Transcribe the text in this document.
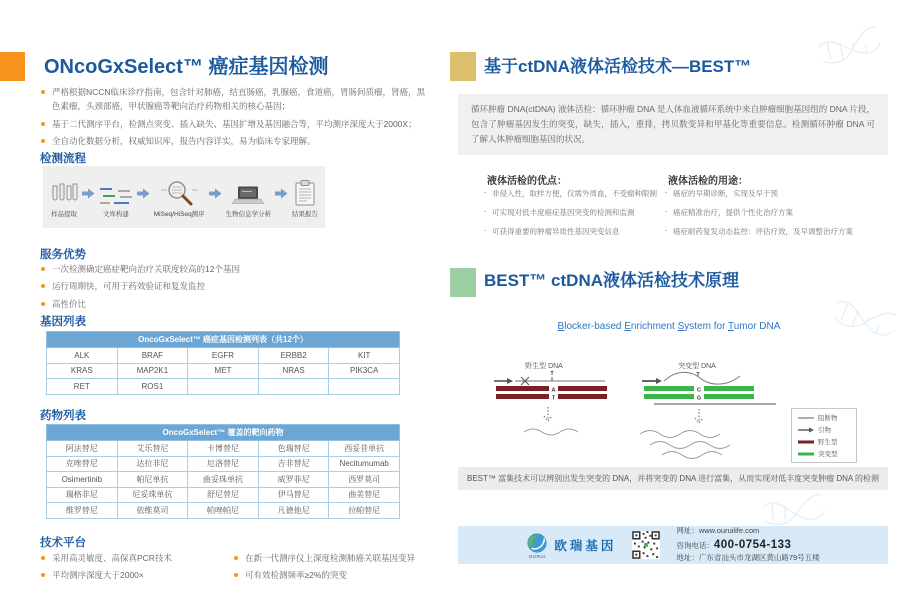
ONcoGxSelect™ 癌症基因检测
严格根据NCCN临床诊疗指南，包含针对肺癌，结直肠癌，乳腺癌，食道癌，胃肠间质瘤，肾癌，黑色素瘤，头颈部癌，甲状腺癌等靶向治疗药物相关的核心基因；
基于二代测序平台，检测点突变、插入缺失、基因扩增及基因融合等，平均测序深度大于2000X；
全自动化数据分析，权威知识库，报告内容详实，易为临床专家理解。
检测流程
样品提取	文库构建	MiSeq/HiSeq测序	生物信息学分析	结果报告
服务优势
一次检测确定癌症靶向治疗关联度较高的12个基因
运行周期快，可用于药效验证和复发监控
高性价比
基因列表
OncoGxSelect™ 癌症基因检测列表（共12个）				
ALK	BRAF	EGFR	ERBB2	KIT
KRAS	MAP2K1	MET	NRAS	PIK3CA
RET	ROS1			
药物列表
OncoGxSelect™ 覆盖的靶向药物				
阿法替尼	艾乐替尼	卡博替尼	色瑞替尼	西妥昔单抗
克唑替尼	达拉非尼	厄洛替尼	吉非替尼	Necitumumab
Osimertinib	帕尼单抗	曲妥珠单抗	威罗菲尼	西罗莫司
瑞格非尼	尼妥珠单抗	舒尼替尼	伊马替尼	曲美替尼
维罗替尼	依维莫司	帕唑帕尼	凡德他尼	拉帕替尼
技术平台
采用高灵敏度、高保真PCR技术
平均测序深度大于2000×
在新一代测序仪上深度检测肺癌关联基因变异
可有效检测频率≥2%的突变
基于ctDNA液体活检技术—BEST™
循环肿瘤 DNA(ctDNA) 液体活检：循环肿瘤 DNA 是人体血液循环系统中来自肿瘤细胞基因组的 DNA 片段，包含了肿瘤基因发生的突变，缺失，插入，重排，拷贝数变异和甲基化等重要信息。检测循环肿瘤 DNA 可了解人体肿瘤细胞基因的状况。
液体活检的优点：	液体活检的用途：
· 非侵入性，取样方便，仅需外周血，不受瘤种限制
· 可实现对低丰度癌症基因突变的检测和监测
· 可获得重要的肿瘤异质性基因突变信息
· 癌症的早期诊断，实现及早干预
· 癌症精准治疗，提供个性化治疗方案
· 癌症耐药复发动态监控：评估疗效，及早调整治疗方案
BEST™ ctDNA液体活检技术原理
Blocker-based Enrichment System for Tumor DNA
野生型 DNA
T
A
T
突变型 DNA
T
C
G
阻断物
引物
野生型
突变型
BEST™ 富集技术可以辨别出发生突变的 DNA，并将突变的 DNA 进行富集，从而实现对低丰度突变肿瘤 DNA 的检测
OURUI
欧瑞基因
网址：www.ouruilife.com
咨询电话：400-0754-133
地址：广东省汕头市龙湖区黄山路79号五楼
